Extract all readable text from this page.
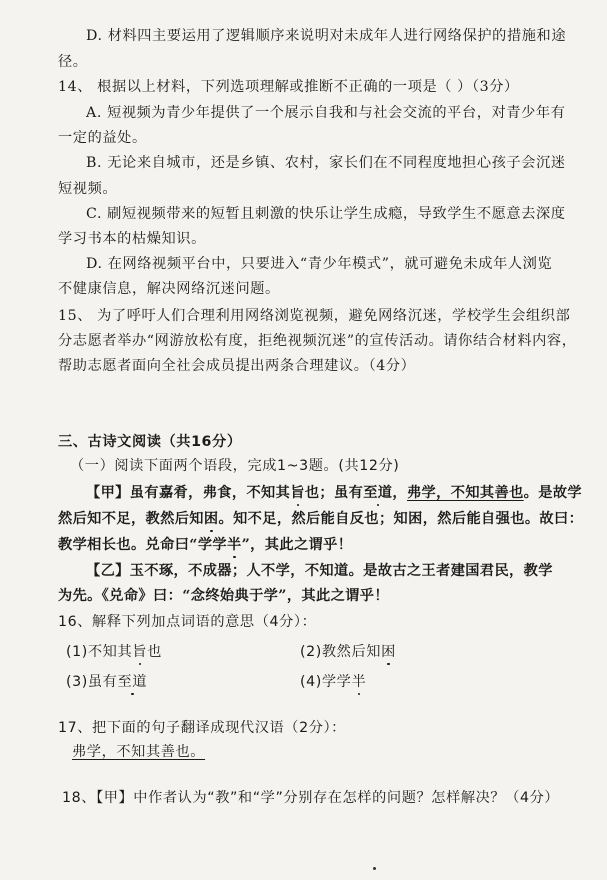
D. 材料四主要运用了逻辑顺序来说明对未成年人进行网络保护的措施和途
径。
14、 根据以上材料，下列选项理解或推断不正确的一项是（ ）（3分）
A. 短视频为青少年提供了一个展示自我和与社会交流的平台，对青少年有
一定的益处。
B. 无论来自城市，还是乡镇、农村，家长们在不同程度地担心孩子会沉迷
短视频。
C. 刷短视频带来的短暂且刺激的快乐让学生成瘾，导致学生不愿意去深度
学习书本的枯燥知识。
D. 在网络视频平台中，只要进入“青少年模式”，就可避免未成年人浏览
不健康信息，解决网络沉迷问题。
15、 为了呼吁人们合理利用网络浏览视频，避免网络沉迷，学校学生会组织部
分志愿者举办“网游放松有度，拒绝视频沉迷”的宣传活动。请你结合材料内容，
帮助志愿者面向全社会成员提出两条合理建议。（4分）
三、古诗文阅读（共16分）
（一）阅读下面两个语段，完成1~3题。(共12分)
【甲】虽有嘉肴，弗食，不知其旨也；虽有至道，弗学，不知其善也。是故学
然后知不足，教然后知困。知不足，然后能自反也；知困，然后能自强也。故曰：
教学相长也。兑命曰“学学半”，其此之谓乎！
【乙】玉不琢，不成器；人不学，不知道。是故古之王者建国君民，教学
为先。《兑命》曰：“念终始典于学”，其此之谓乎！
16、解释下列加点词语的意思（4分）：
(1)不知其旨也	(2)教然后知困
(3)虽有至道	(4)学学半
17、把下面的句子翻译成现代汉语（2分）：
弗学，不知其善也。
18、【甲】中作者认为“教”和“学”分别存在怎样的问题？怎样解决？（4分）
